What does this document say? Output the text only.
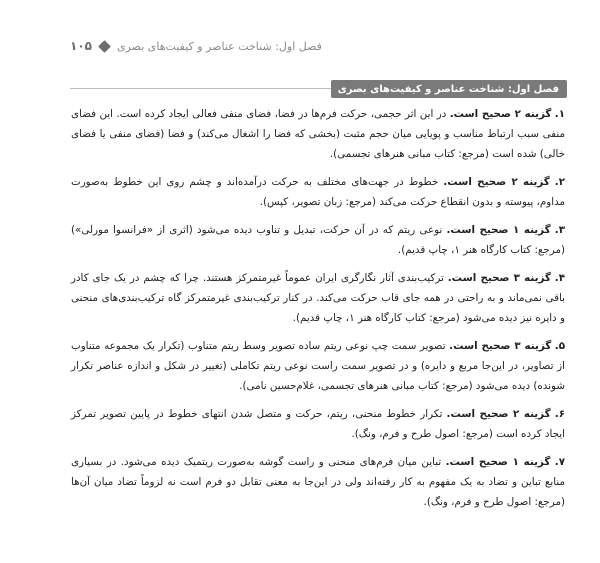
فصل اول: شناخت عناصر و کیفیت‌های بصری
۱۰۵
فصل اول: شناخت عناصر و کیفیت‌های بصری

۱. گزینه ۲ صحیح است. در این اثر حجمی، حرکت فرم‌ها در فضا، فضای منفی فعالی ایجاد کرده است. این فضای منفی سبب ارتباط مناسب و پویایی میان حجم مثبت (بخشی که فضا را اشغال می‌کند) و فضا (فضای منفی یا فضای خالی) شده است (مرجع: کتاب مبانی هنرهای تجسمی).

۲. گزینه ۲ صحیح است. خطوط در جهت‌های مختلف به حرکت درآمده‌اند و چشم روی این خطوط به‌صورت مداوم، پیوسته و بدون انقطاع حرکت می‌کند (مرجع: زبان تصویر، کپس).

۳. گزینه ۱ صحیح است. نوعی ریتم که در آن حرکت، تبدیل و تناوب دیده می‌شود (اثری از «فرانسوا مورلی») (مرجع: کتاب کارگاه هنر ۱، چاپ قدیم).

۴. گزینه ۳ صحیح است. ترکیب‌بندی آثار نگارگری ایران عموماً غیرمتمرکز هستند. چرا که چشم در یک جای کادر باقی نمی‌ماند و به راحتی در همه جای قاب حرکت می‌کند. در کنار ترکیب‌بندی غیرمتمرکز گاه ترکیب‌بندی‌های منحنی و دایره نیز دیده می‌شود (مرجع: کتاب کارگاه هنر ۱، چاپ قدیم).

۵. گزینه ۳ صحیح است. تصویر سمت چپ نوعی ریتم ساده تصویر وسط ریتم متناوب (تکرار یک مجموعه متناوب از تصاویر، در این‌جا مربع و دایره) و در تصویر سمت راست نوعی ریتم تکاملی (تغییر در شکل و اندازه عناصر تکرار شونده) دیده می‌شود (مرجع: کتاب مبانی هنرهای تجسمی، غلام‌حسین نامی).

۶. گزینه ۲ صحیح است. تکرار خطوط منحنی، ریتم، حرکت و متصل شدن انتهای خطوط در پایین تصویر تمرکز ایجاد کرده است (مرجع: اصول طرح و فرم، ونگ).

۷. گزینه ۱ صحیح است. تباین میان فرم‌های منحنی و راست گوشه به‌صورت ریتمیک دیده می‌شود. در بسیاری منابع تباین و تضاد به یک مفهوم به کار رفته‌اند ولی در این‌جا به معنی تقابل دو فرم است نه لزوماً تضاد میان آن‌ها (مرجع: اصول طرح و فرم، ونگ).
